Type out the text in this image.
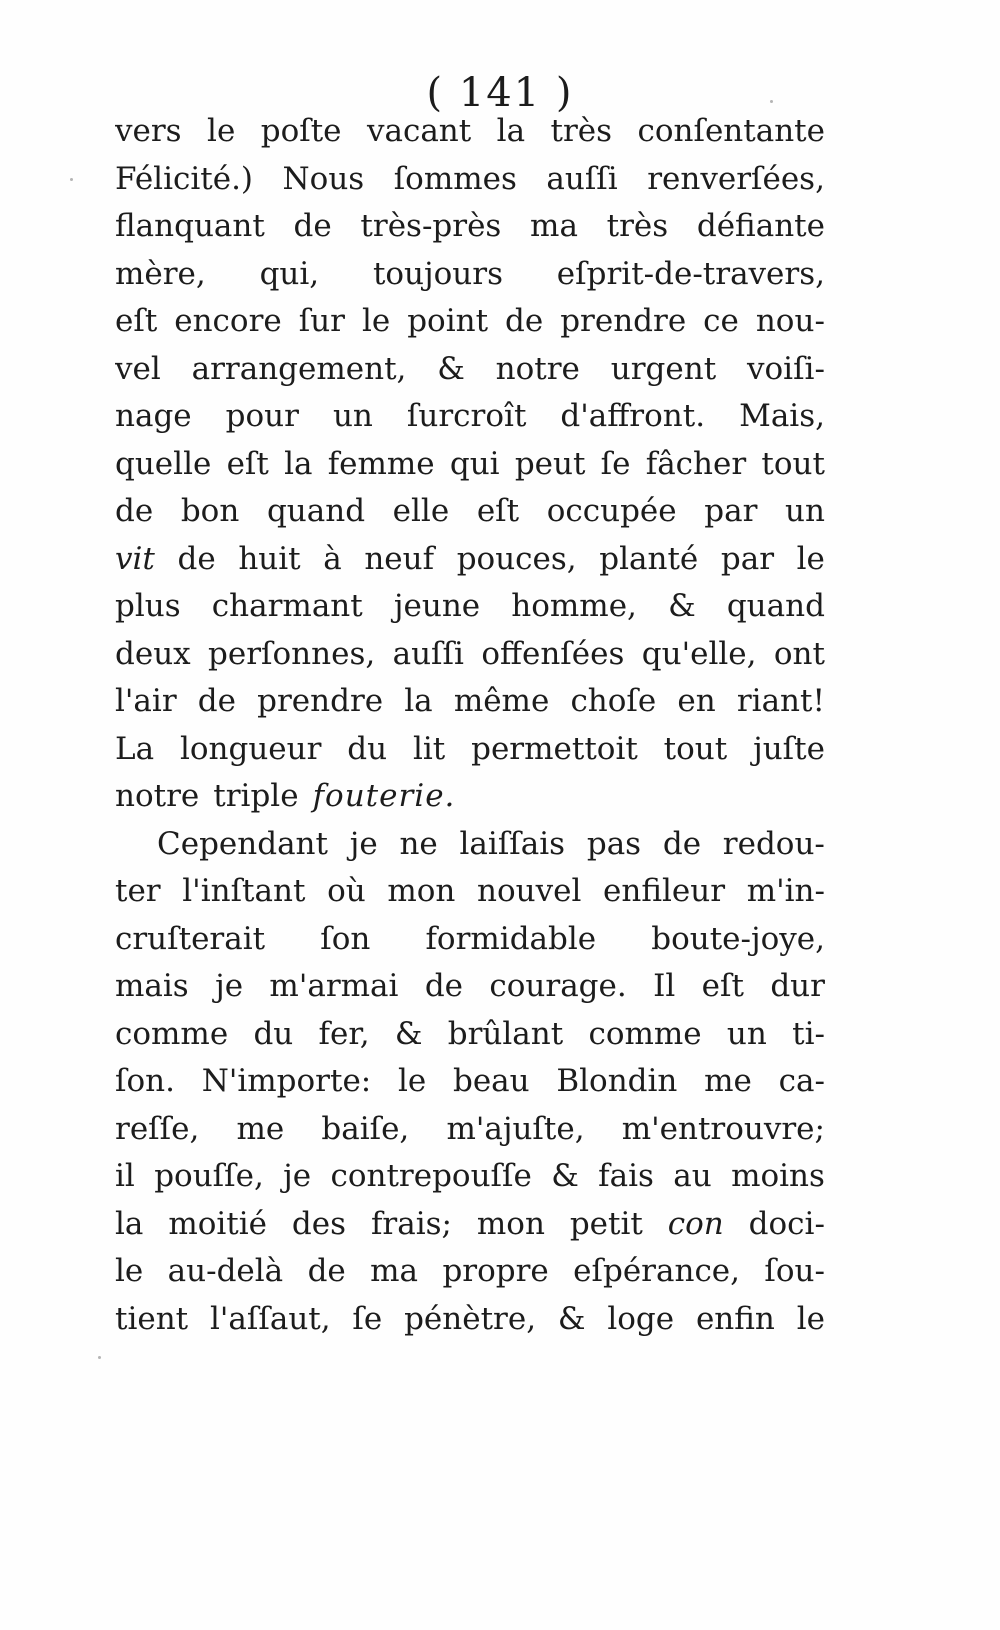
( 141 )
vers le poſte vacant la très conſentante
Félicité.) Nous ſommes auſſi renverſées,
flanquant de très-près ma très défiante
mère, qui, toujours eſprit-de-travers,
eſt encore ſur le point de prendre ce nou-
vel arrangement, & notre urgent voiſi-
nage pour un ſurcroît d'affront. Mais,
quelle eſt la femme qui peut ſe fâcher tout
de bon quand elle eſt occupée par un
vit de huit à neuf pouces, planté par le
plus charmant jeune homme, & quand
deux perſonnes, auſſi offenſées qu'elle, ont
l'air de prendre la même choſe en riant!
La longueur du lit permettoit tout juſte
notre triple fouterie.
Cependant je ne laiſſais pas de redou-
ter l'inſtant où mon nouvel enfileur m'in-
cruſterait ſon formidable boute-joye,
mais je m'armai de courage. Il eſt dur
comme du fer, & brûlant comme un ti-
ſon. N'importe: le beau Blondin me ca-
reſſe, me baiſe, m'ajuſte, m'entrouvre;
il pouſſe, je contrepouſſe & fais au moins
la moitié des frais; mon petit con doci-
le au-delà de ma propre eſpérance, ſou-
tient l'aſſaut, ſe pénètre, & loge enfin le
